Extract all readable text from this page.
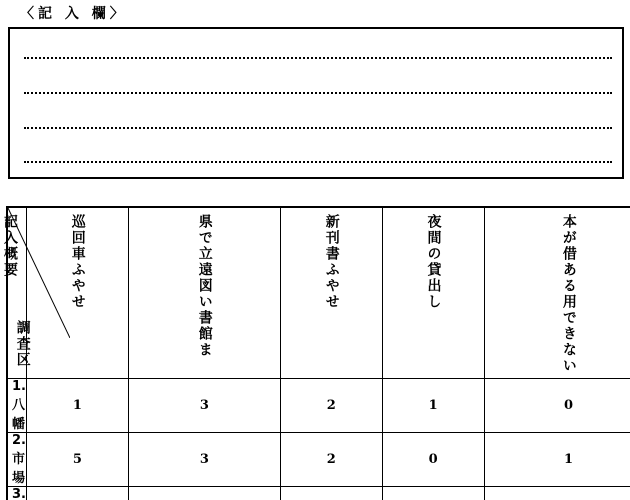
〈記 入 欄〉
記入概要
調査区	巡回車ふやせ	県で立遠図い書館ま	新刊書ふやせ	夜間の貸出し	本が借ある用できない					
1.八幡	1	3	2	1	0					
2.市場	5	3	2	0	1					
3.										
